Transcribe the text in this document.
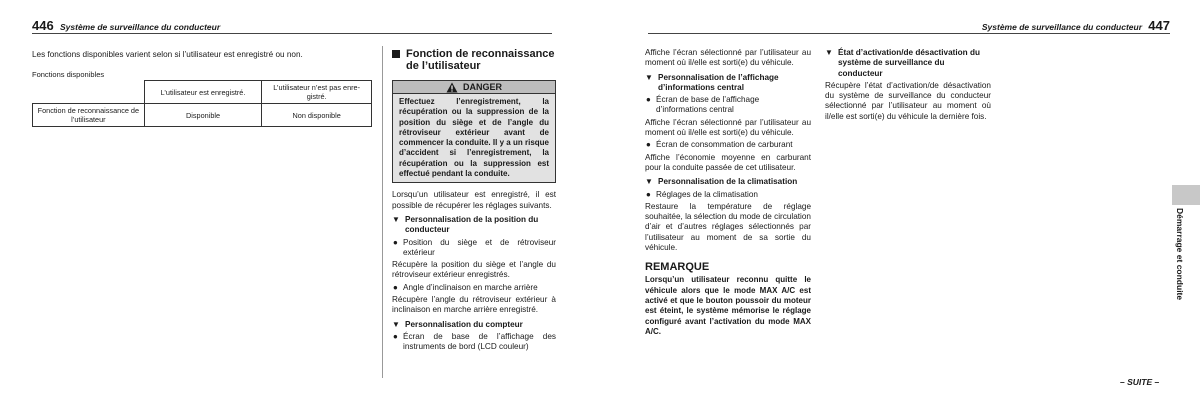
446 Système de surveillance du conducteur

Les fonctions disponibles varient selon si l’utilisateur est enregistré ou non.

Fonctions disponibles

	L’utilisateur est enregistré.	L’utilisateur n’est pas enre-gistré.
Fonction de reconnaissance de l’utilisateur	Disponible	Non disponible
Fonction de reconnaissance de l’utilisateur
DANGER
Effectuez l’enregistrement, la récupération ou la suppression de la position du siège et de l’angle du rétroviseur extérieur avant de commencer la conduite. Il y a un risque d’accident si l’enregistrement, la récupération ou la suppression est effectué pendant la conduite.

Lorsqu’un utilisateur est enregistré, il est possible de récupérer les réglages suivants.

▼ Personnalisation de la position du conducteur
● Position du siège et de rétroviseur extérieur

Récupère la position du siège et l’angle du rétroviseur extérieur enregistrés.

● Angle d’inclinaison en marche arrière

Récupère l’angle du rétroviseur extérieur à inclinaison en marche arrière enregistré.

▼ Personnalisation du compteur
● Écran de base de l’affichage des instruments de bord (LCD couleur)
Système de surveillance du conducteur 447

Affiche l’écran sélectionné par l’utilisateur au moment où il/elle est sorti(e) du véhicule.

▼ Personnalisation de l’affichage d’informations central
● Écran de base de l’affichage d’informations central

Affiche l’écran sélectionné par l’utilisateur au moment où il/elle est sorti(e) du véhicule.

● Écran de consommation de carburant

Affiche l’économie moyenne en carburant pour la conduite passée de cet utilisateur.

▼ Personnalisation de la climatisation
● Réglages de la climatisation

Restaure la température de réglage souhaitée, la sélection du mode de circulation d’air et d’autres réglages sélectionnés par l’utilisateur au moment de sa sortie du véhicule.

REMARQUE
Lorsqu’un utilisateur reconnu quitte le véhicule alors que le mode MAX A/C est activé et que le bouton poussoir du moteur est éteint, le système mémorise le réglage configuré avant l’activation du mode MAX A/C.
▼ État d’activation/de désactivation du système de surveillance du conducteur

Récupère l’état d’activation/de désactivation du système de surveillance du conducteur sélectionné par l’utilisateur au moment où il/elle est sorti(e) du véhicule la dernière fois.

Démarrage et conduite
– SUITE –
